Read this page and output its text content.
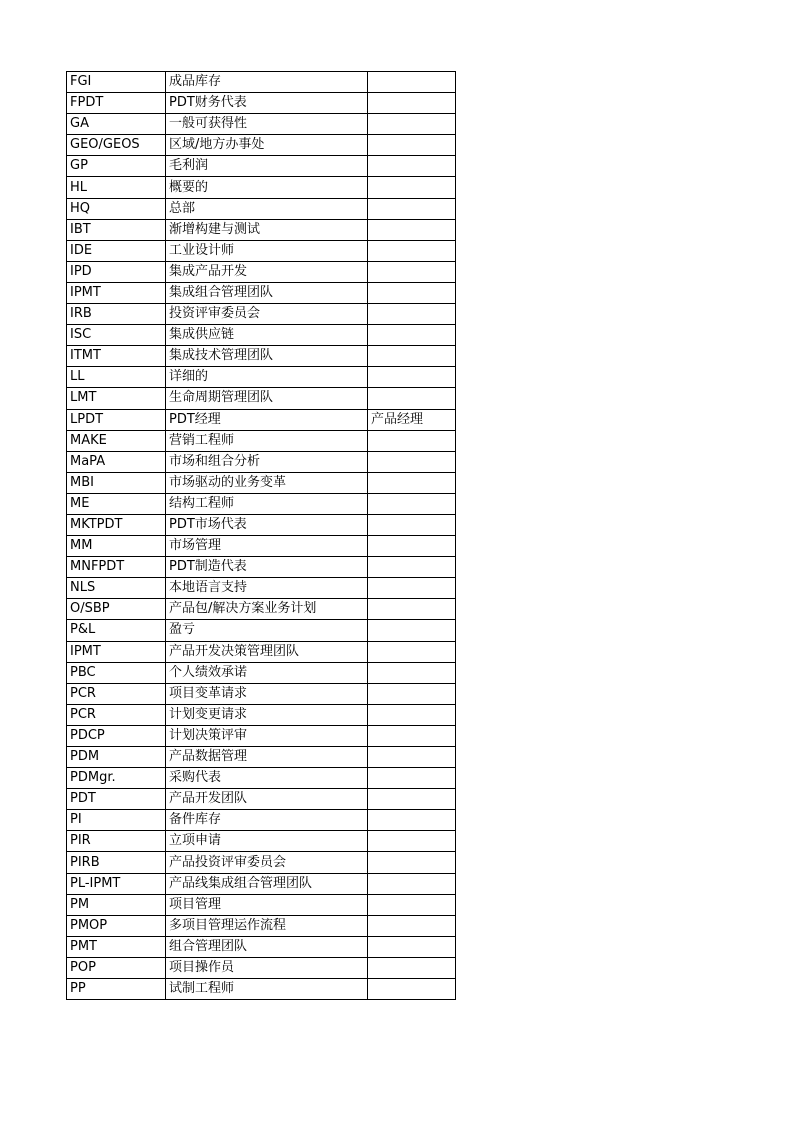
FGI	成品库存	
FPDT	PDT财务代表	
GA	一般可获得性	
GEO/GEOS	区域/地方办事处	
GP	毛利润	
HL	概要的	
HQ	总部	
IBT	渐增构建与测试	
IDE	工业设计师	
IPD	集成产品开发	
IPMT	集成组合管理团队	
IRB	投资评审委员会	
ISC	集成供应链	
ITMT	集成技术管理团队	
LL	详细的	
LMT	生命周期管理团队	
LPDT	PDT经理	产品经理
MAKE	营销工程师	
MaPA	市场和组合分析	
MBI	市场驱动的业务变革	
ME	结构工程师	
MKTPDT	PDT市场代表	
MM	市场管理	
MNFPDT	PDT制造代表	
NLS	本地语言支持	
O/SBP	产品包/解决方案业务计划	
P&L	盈亏	
IPMT	产品开发决策管理团队	
PBC	个人绩效承诺	
PCR	项目变革请求	
PCR	计划变更请求	
PDCP	计划决策评审	
PDM	产品数据管理	
PDMgr.	采购代表	
PDT	产品开发团队	
PI	备件库存	
PIR	立项申请	
PIRB	产品投资评审委员会	
PL-IPMT	产品线集成组合管理团队	
PM	项目管理	
PMOP	多项目管理运作流程	
PMT	组合管理团队	
POP	项目操作员	
PP	试制工程师	
